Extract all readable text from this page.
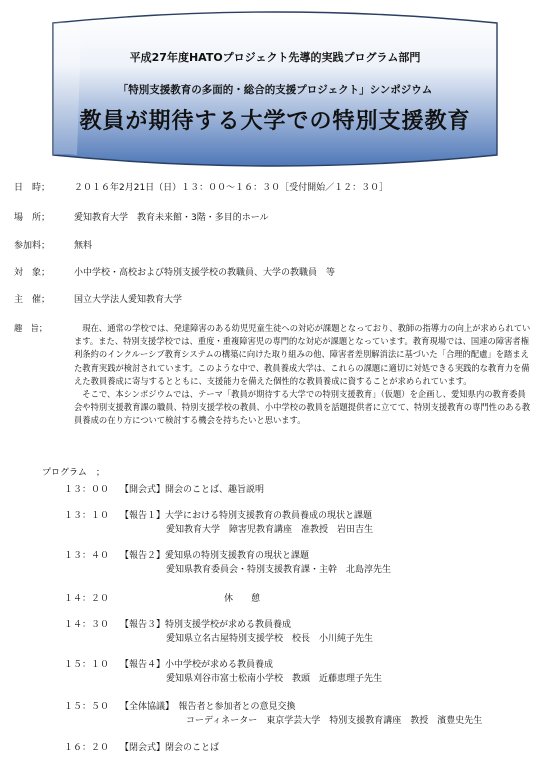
平成27年度HATOプロジェクト先導的実践プログラム部門
「特別支援教育の多面的・総合的支援プロジェクト」シンポジウム
教員が期待する大学での特別支援教育
日　時；	２０１６年2月21日（日）１３：００～１６：３０［受付開始／１２：３０］
場　所；	愛知教育大学　教育未来館・3階・多目的ホール
参加料；	無料
対　象；	小中学校・高校および特別支援学校の教職員、大学の教職員　等
主　催；	国立大学法人愛知教育大学
趣　旨；	　現在、通常の学校では、発達障害のある幼児児童生徒への対応が課題となっており、教師の指導力の向上が求められています。また、特別支援学校では、重度・重複障害児の専門的な対応が課題となっています。教育現場では、国連の障害者権利条約のインクルーシブ教育システムの構築に向けた取り組みの他、障害者差別解消法に基づいた「合理的配慮」を踏まえた教育実践が検討されています。このような中で、教員養成大学は、これらの課題に適切に対処できる実践的な教育力を備えた教員養成に寄与するとともに、支援能力を備えた個性的な教員養成に資することが求められています。

　そこで、本シンポジウムでは、テーマ「教員が期待する大学での特別支援教育」（仮題）を企画し、愛知県内の教育委員会や特別支援教育課の職員、特別支援学校の教員、小中学校の教員を話題提供者に立てて、特別支援教育の専門性のある教員養成の在り方について検討する機会を持ちたいと思います。

プログラム　；
１３：００	【開会式】開会のことば、趣旨説明
１３：１０	【報告１】大学における特別支援教育の教員養成の現状と課題
愛知教育大学　障害児教育講座　准教授　岩田吉生
１３：４０	【報告２】愛知県の特別支援教育の現状と課題
愛知県教育委員会・特別支援教育課・主幹　北島淳先生
１４：２０	休　　憩
１４：３０	【報告３】特別支援学校が求める教員養成
愛知県立名古屋特別支援学校　校長　小川純子先生
１５：１０	【報告４】小中学校が求める教員養成
愛知県刈谷市富士松南小学校　教頭　近藤恵理子先生
１５：５０	【全体協議】　報告者と参加者との意見交換
コーディネーター　東京学芸大学　特別支援教育講座　教授　濱豊史先生
１６：２０	【閉会式】閉会のことば
